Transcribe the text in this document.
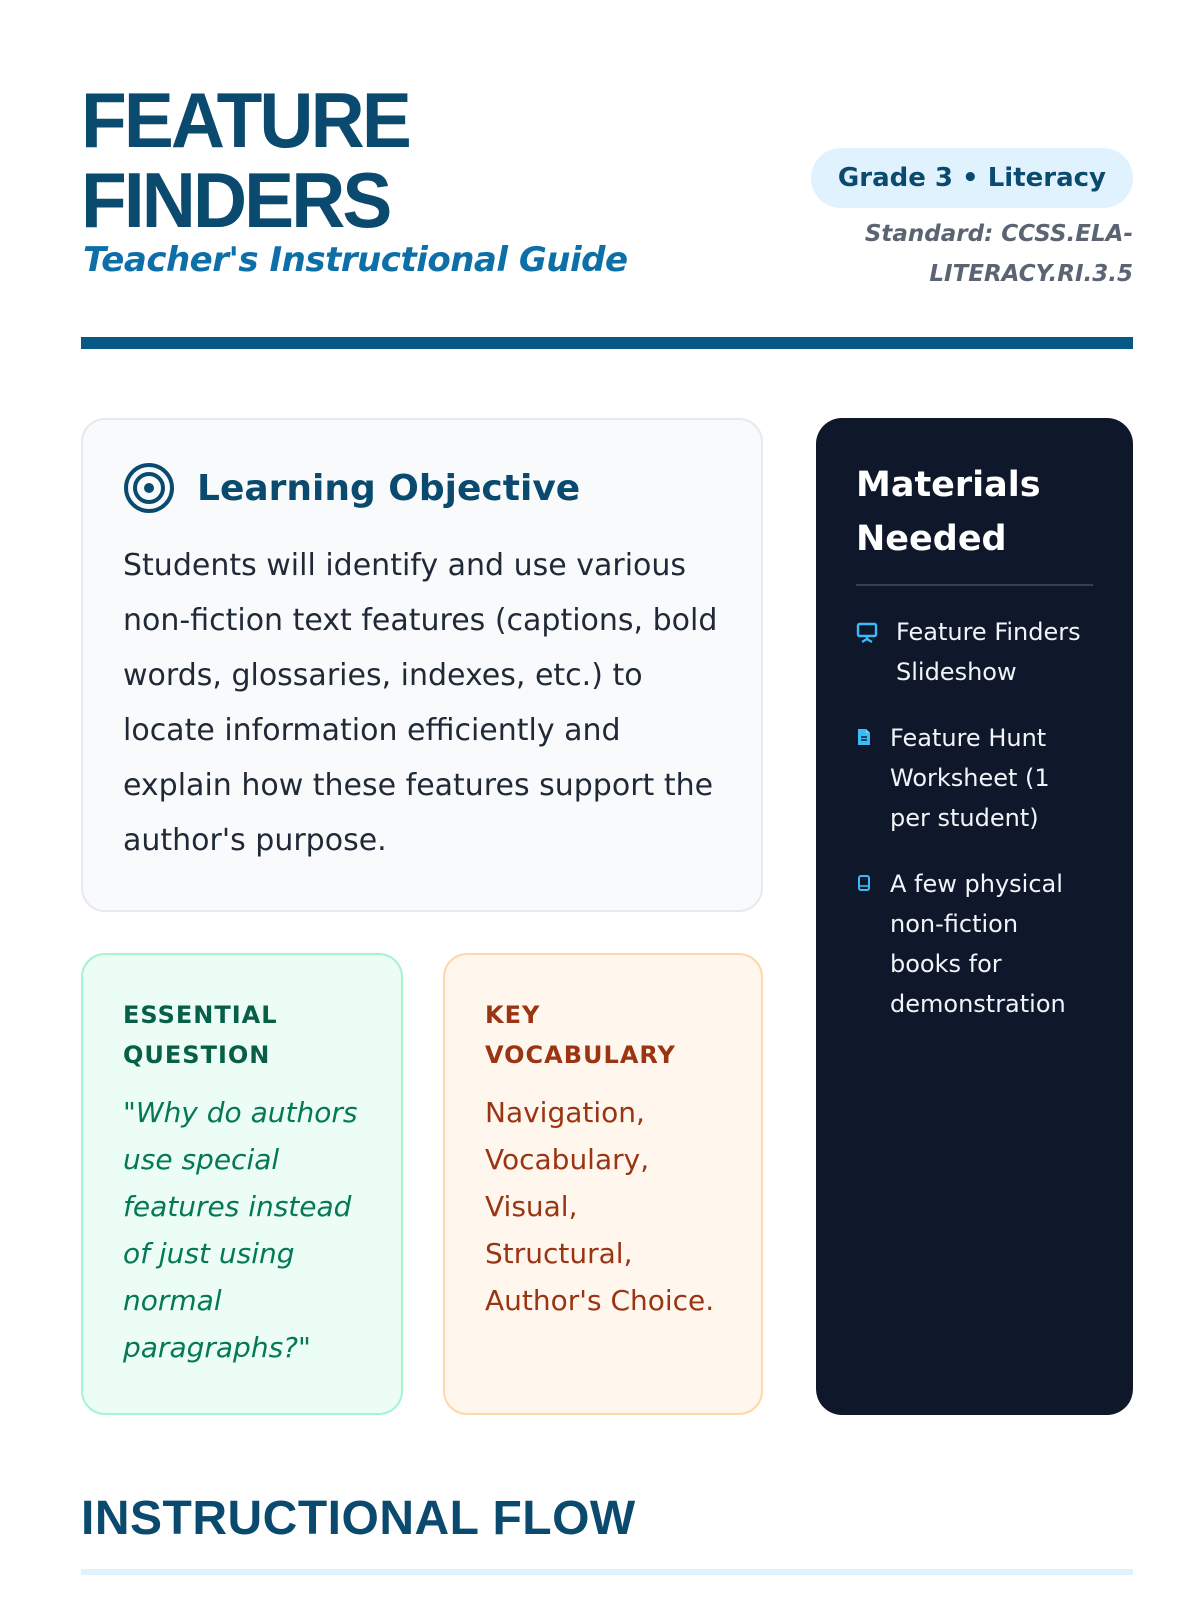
FEATURE
FINDERS

Teacher's Instructional Guide

Grade 3 • Literacy
Standard: CCSS.ELA-
LITERACY.RI.3.5
Learning Objective

Students will identify and use various non-fiction text features (captions, bold words, glossaries, indexes, etc.) to locate information efficiently and explain how these features support the author's purpose.

ESSENTIAL
QUESTION
"Why do authors use special features instead of just using normal paragraphs?"
KEY
VOCABULARY
Navigation, Vocabulary, Visual, Structural, Author's Choice.
Materials Needed
Feature Finders Slideshow
Feature Hunt Worksheet (1 per student)
A few physical non-fiction books for demonstration
INSTRUCTIONAL FLOW
